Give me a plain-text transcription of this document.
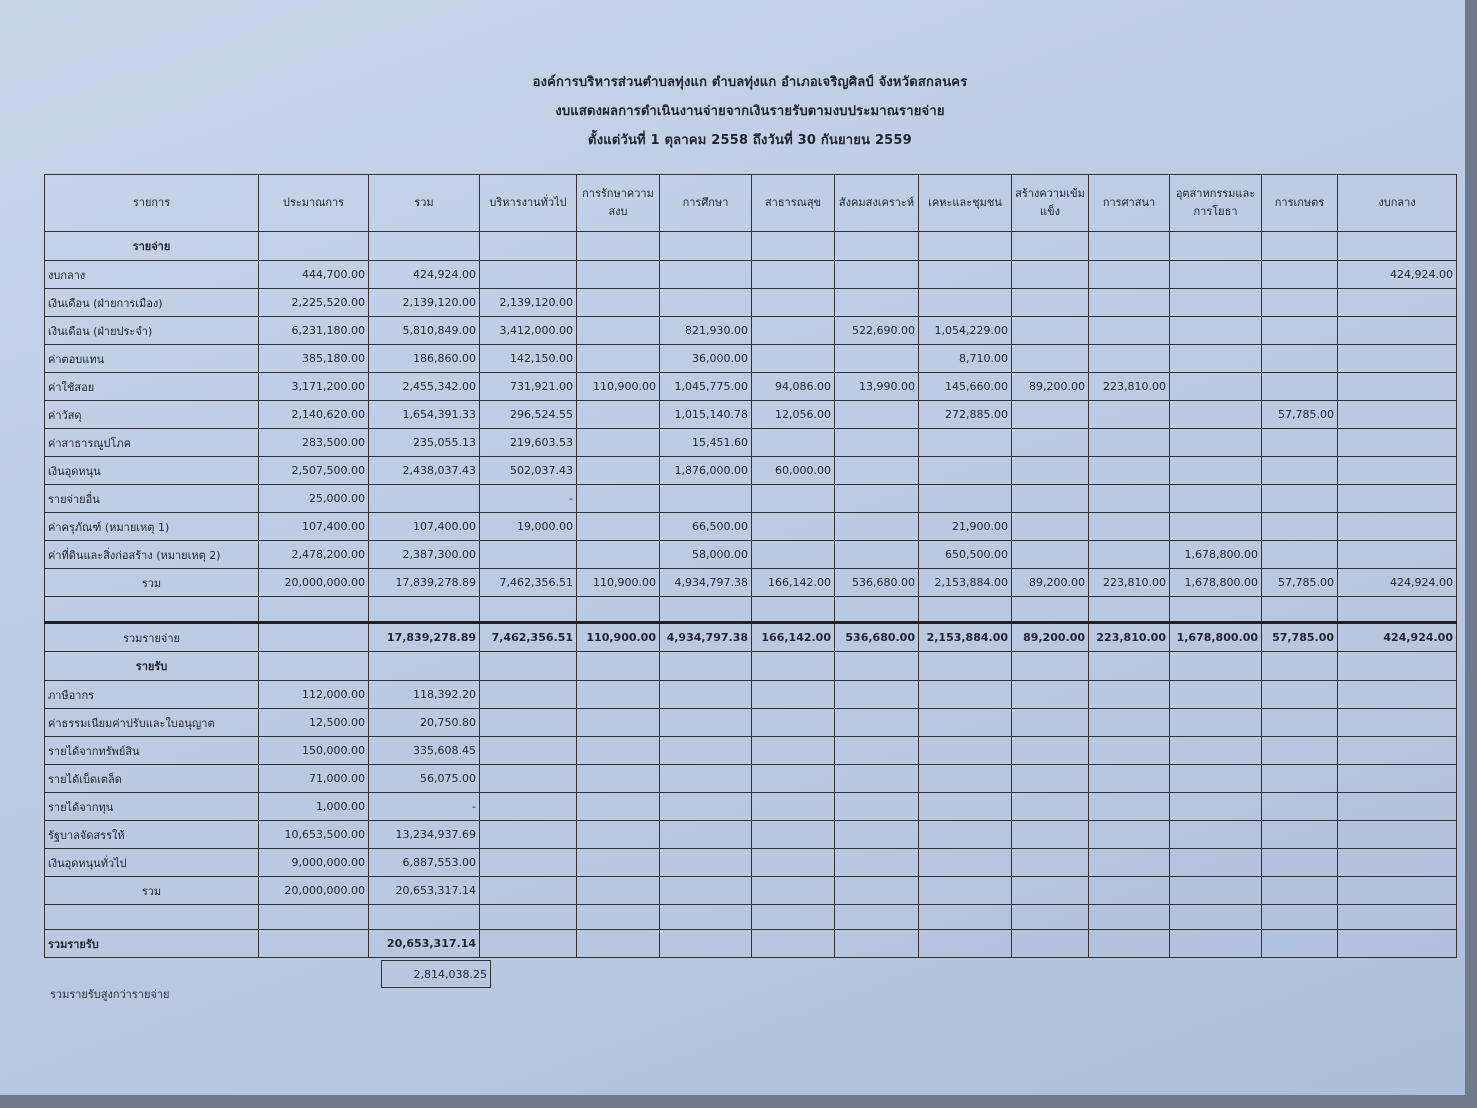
องค์การบริหารส่วนตำบลทุ่งแก ตำบลทุ่งแก อำเภอเจริญศิลป์ จังหวัดสกลนคร
งบแสดงผลการดำเนินงานจ่ายจากเงินรายรับตามงบประมาณรายจ่าย
ตั้งแต่วันที่ 1 ตุลาคม 2558 ถึงวันที่ 30 กันยายน 2559
รายการ	ประมาณการ	รวม	บริหารงานทั่วไป	การรักษาความสงบ	การศึกษา	สาธารณสุข	สังคมสงเคราะห์	เคหะและชุมชน	สร้างความเข้มแข็ง	การศาสนา	อุตสาหกรรมและการโยธา	การเกษตร	งบกลาง
รายจ่าย													
งบกลาง	444,700.00	424,924.00											424,924.00
เงินเดือน (ฝ่ายการเมือง)	2,225,520.00	2,139,120.00	2,139,120.00										
เงินเดือน (ฝ่ายประจำ)	6,231,180.00	5,810,849.00	3,412,000.00		821,930.00		522,690.00	1,054,229.00					
ค่าตอบแทน	385,180.00	186,860.00	142,150.00		36,000.00			8,710.00					
ค่าใช้สอย	3,171,200.00	2,455,342.00	731,921.00	110,900.00	1,045,775.00	94,086.00	13,990.00	145,660.00	89,200.00	223,810.00			
ค่าวัสดุ	2,140,620.00	1,654,391.33	296,524.55		1,015,140.78	12,056.00		272,885.00				57,785.00	
ค่าสาธารณูปโภค	283,500.00	235,055.13	219,603.53		15,451.60								
เงินอุดหนุน	2,507,500.00	2,438,037.43	502,037.43		1,876,000.00	60,000.00							
รายจ่ายอื่น	25,000.00		-										
ค่าครุภัณฑ์ (หมายเหตุ 1)	107,400.00	107,400.00	19,000.00		66,500.00			21,900.00					
ค่าที่ดินและสิ่งก่อสร้าง (หมายเหตุ 2)	2,478,200.00	2,387,300.00			58,000.00			650,500.00			1,678,800.00		
รวม	20,000,000.00	17,839,278.89	7,462,356.51	110,900.00	4,934,797.38	166,142.00	536,680.00	2,153,884.00	89,200.00	223,810.00	1,678,800.00	57,785.00	424,924.00

รวมรายจ่าย		17,839,278.89	7,462,356.51	110,900.00	4,934,797.38	166,142.00	536,680.00	2,153,884.00	89,200.00	223,810.00	1,678,800.00	57,785.00	424,924.00
รายรับ													
ภาษีอากร	112,000.00	118,392.20											
ค่าธรรมเนียมค่าปรับและใบอนุญาต	12,500.00	20,750.80											
รายได้จากทรัพย์สิน	150,000.00	335,608.45											
รายได้เบ็ดเตล็ด	71,000.00	56,075.00											
รายได้จากทุน	1,000.00	-											
รัฐบาลจัดสรรให้	10,653,500.00	13,234,937.69											
เงินอุดหนุนทั่วไป	9,000,000.00	6,887,553.00											
รวม	20,000,000.00	20,653,317.14											

รวมรายรับ		20,653,317.14											
2,814,038.25
รวมรายรับสูงกว่ารายจ่าย
